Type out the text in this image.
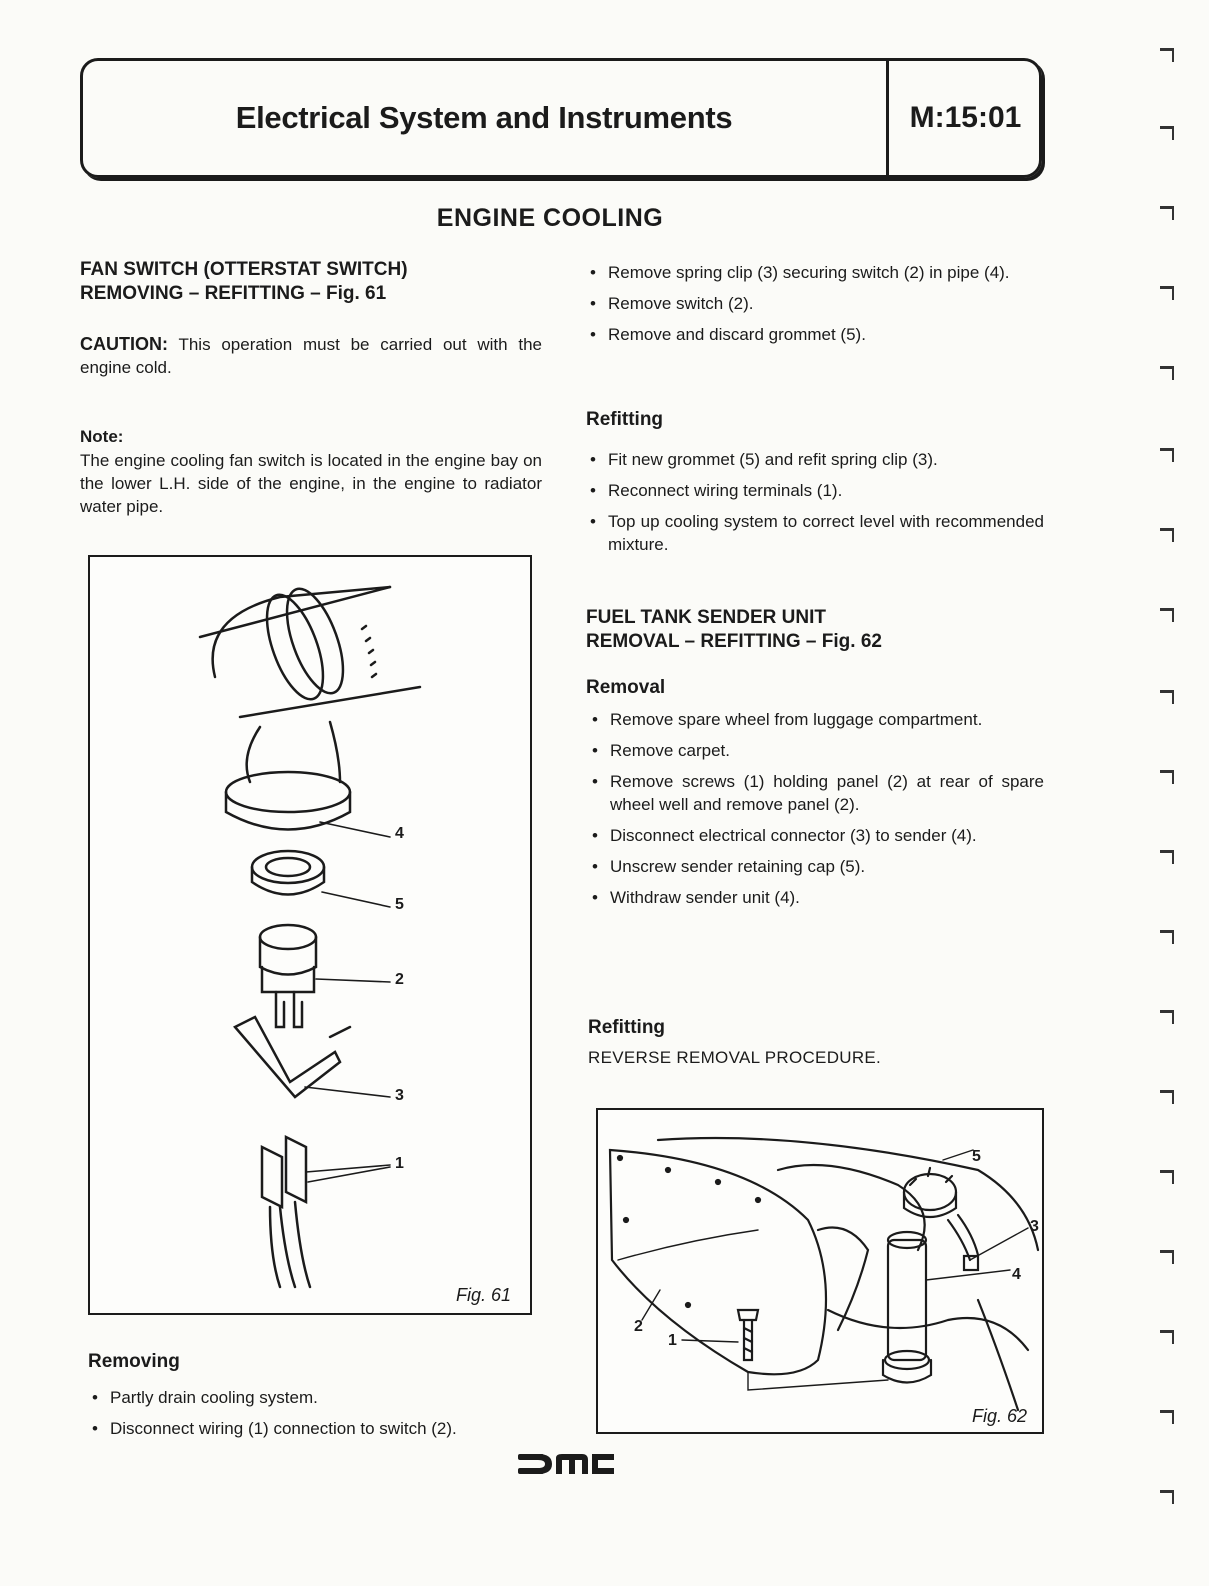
Electrical System and Instruments	M:15:01
ENGINE COOLING
FAN SWITCH (OTTERSTAT SWITCH)
REMOVING – REFITTING – Fig. 61
CAUTION: This operation must be carried out with the engine cold.
Note:
The engine cooling fan switch is located in the engine bay on the lower L.H. side of the engine, in the engine to radiator water pipe.
4
5
2
3
1
Fig. 61
Removing
• Partly drain cooling system.
• Disconnect wiring (1) connection to switch (2).
• Remove spring clip (3) securing switch (2) in pipe (4).
• Remove switch (2).
• Remove and discard grommet (5).
Refitting
• Fit new grommet (5) and refit spring clip (3).
• Reconnect wiring terminals (1).
• Top up cooling system to correct level with recommended mixture.
FUEL TANK SENDER UNIT
REMOVAL – REFITTING – Fig. 62
Removal
• Remove spare wheel from luggage compartment.
• Remove carpet.
• Remove screws (1) holding panel (2) at rear of spare wheel well and remove panel (2).
• Disconnect electrical connector (3) to sender (4).
• Unscrew sender retaining cap (5).
• Withdraw sender unit (4).
Refitting
REVERSE REMOVAL PROCEDURE.
5
3
4
2
1
Fig. 62
